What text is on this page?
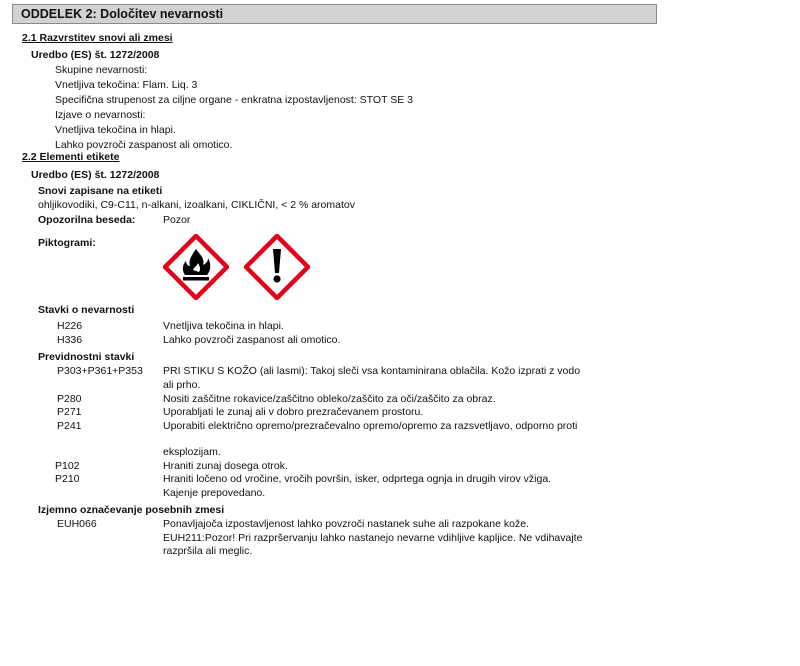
ODDELEK 2: Določitev nevarnosti
2.1 Razvrstitev snovi ali zmesi
Uredbo (ES) št. 1272/2008
Skupine nevarnosti:
Vnetljiva tekočina: Flam. Liq. 3
Specifična strupenost za ciljne organe - enkratna izpostavljenost: STOT SE 3
Izjave o nevarnosti:
Vnetljiva tekočina in hlapi.
Lahko povzroči zaspanost ali omotico.
2.2 Elementi etikete
Uredbo (ES) št. 1272/2008
Snovi zapisane na etiketi
ohljikovodiki, C9-C11, n-alkani, izoalkani, CIKLIČNI, < 2 % aromatov
Opozorilna beseda:	Pozor
Piktogrami:
Stavki o nevarnosti
H226	Vnetljiva tekočina in hlapi.
H336	Lahko povzroči zaspanost ali omotico.
Previdnostni stavki
P303+P361+P353 PRI STIKU S KOŽO (ali lasmi): Takoj sleči vsa kontaminirana oblačila. Kožo izprati z vodo
ali prho.
P280	Nositi zaščitne rokavice/zaščitno obleko/zaščito za oči/zaščito za obraz.
P271	Uporabljati le zunaj ali v dobro prezračevanem prostoru.
P241	Uporabiti električno opremo/prezračevalno opremo/opremo za razsvetljavo, odporno proti
eksplozijam.
P102	Hraniti zunaj dosega otrok.
P210	Hraniti ločeno od vročine, vročih površin, isker, odprtega ognja in drugih virov vžiga.
Kajenje prepovedano.
Izjemno označevanje posebnih zmesi
EUH066	Ponavljajoča izpostavljenost lahko povzroči nastanek suhe ali razpokane kože.
EUH211:Pozor! Pri razpršervanju lahko nastanejo nevarne vdihljive kapljice. Ne vdihavajte
razpršila ali meglic.
